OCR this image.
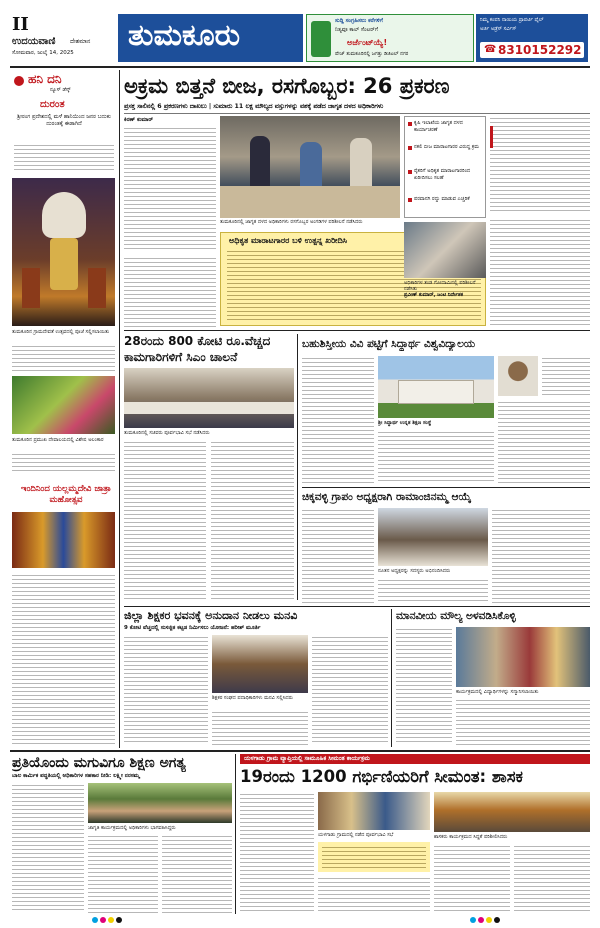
II
ಉದಯವಾಣಿ ದೇಶಮಾನ
ಸೋಮವಾರ, ಜುಲೈ 14, 2025 ತುಮಕೂರು	ಸುದ್ದಿ ಸಂಗ್ರಹಿಸಲು ಕರೆಗಳಿಗೆ
ನಿತ್ಯವೂ ಕಾಲ್ ಸೆಂಟರ್‌ಗೆ
ಅರ್ಜೆಂಟ್‌ಯ್ಯೆ!
ಪೇಜ್ ತುಮಕೂರಿನಲ್ಲಿ ಜಗತ್ತು ಡಿಜಿಟಲ್ ನಗರ
ನಿಮ್ಮ ಕಂಪನಿ ನಾಯಿಯ ಪ್ರಾಪರ್ಟಿ ಫೈಲ್
ಅರ್ಜಿ ಅಡ್ರೆಸ್ ಸರ್ವಿಸ್
☎ 8310152292
ಹನಿ ದನಿ
ನ್ಯೂಸ್ ಡೆಸ್ಕ್
ದುರಂತ
ಶ್ರೀರಂಗ ಪ್ರದೇಶದಲ್ಲಿ ಮಳೆ ಹಾನಿಯಿಂದ ಜನರ ಬದುಕು ದುರಂತಕ್ಕೆ ಈಡಾಗಿದೆ
ತುಮಕೂರಿನ ಗ್ರಾಮದೇವತೆ ಉತ್ಸವದಲ್ಲಿ ಪೂಜೆ ಸಲ್ಲಿಸಲಾಯಿತು
ತುಮಕೂರಿನ ಪ್ರಮುಖ ದೇವಾಲಯದಲ್ಲಿ ವಿಶೇಷ ಅಲಂಕಾರ
ಇಂದಿನಿಂದ ಯಲ್ಲಮ್ಮದೇವಿ ಜಾತ್ರಾ ಮಹೋತ್ಸವ
ಅಕ್ರಮ ಬಿತ್ತನೆ ಬೀಜ, ರಸಗೊಬ್ಬರ: 26 ಪ್ರಕರಣ
ಪ್ರಸಕ್ತ ಸಾಲಿನಲ್ಲಿ 6 ಪ್ರಕರಣಗಳು ದಾಖಲು | ಸುಮಾರು 11 ಲಕ್ಷ ಮೌಲ್ಯದ ವಸ್ತುಗಳನ್ನು ವಶಕ್ಕೆ ಪಡೆದ ಜಾಗೃತ ದಳದ ಅಧಿಕಾರಿಗಳು
ಕಿರಣ್ ಕುಮಾರ್
ತುಮಕೂರಿನಲ್ಲಿ ಜಾಗೃತ ದಳದ ಅಧಿಕಾರಿಗಳು ರಸಗೊಬ್ಬರ ಅಂಗಡಿಗಳ ಪರಿಶೀಲನೆ ನಡೆಸಿದರು
ಕೃಷಿ ಇಲಾಖೆಯ ಜಾಗೃತ ದಳದ ಕಾರ್ಯಾಚರಣೆ
ನಕಲಿ ಬೀಜ ಮಾರಾಟಗಾರರ ವಿರುದ್ಧ ಕ್ರಮ
ರೈತರಿಗೆ ಅಧಿಕೃತ ಮಾರಾಟಗಾರರಿಂದ ಖರೀದಿಸಲು ಸಲಹೆ
ಪರವಾನಗಿ ರದ್ದು ಮಾಡುವ ಎಚ್ಚರಿಕೆ
ಅಧಿಕೃತ ಮಾರಾಟಗಾರರ ಬಳಿ ಉತ್ಪನ್ನ ಖರೀದಿಸಿ
ಅಧಿಕಾರಿಗಳ ತಂಡ ಗೋದಾಮಿನಲ್ಲಿ ಪರಿಶೀಲನೆ ನಡೆಸಿತು
ಪ್ರವೀಣ್ ಕುಮಾರ್, ಜಂಟಿ ನಿರ್ದೇಶಕ
28ರಂದು 800 ಕೋಟಿ ರೂ.ವೆಚ್ಚದ
ಕಾಮಗಾರಿಗಳಿಗೆ ಸಿಎಂ ಚಾಲನೆ
ತುಮಕೂರಿನಲ್ಲಿ ಸಚಿವರು ಪೂರ್ವಭಾವಿ ಸಭೆ ನಡೆಸಿದರು
ಬಹುಶಿಸ್ತೀಯ ವಿವಿ ಪಟ್ಟಿಗೆ ಸಿದ್ಧಾರ್ಥ ವಿಶ್ವವಿದ್ಯಾಲಯ
ಶ್ರೀ ಸಿದ್ಧಾರ್ಥ ಉನ್ನತ ಶಿಕ್ಷಣ ಸಂಸ್ಥೆ
ಚಿಕ್ಕವಳ್ಳಿ ಗ್ರಾಪಂ ಅಧ್ಯಕ್ಷರಾಗಿ ರಾಮಾಂಜಿನಮ್ಮ ಆಯ್ಕೆ
ನೂತನ ಅಧ್ಯಕ್ಷರನ್ನು ಸದಸ್ಯರು ಅಭಿನಂದಿಸಿದರು
ಜಿಲ್ಲಾ ಶಿಕ್ಷಕರ ಭವನಕ್ಕೆ ಅನುದಾನ ನೀಡಲು ಮನವಿ
9 ಕೋಟಿ ವೆಚ್ಚದಲ್ಲಿ ಸುಸಜ್ಜಿತ ಕಟ್ಟಡ ನಿರ್ಮಿಸಲು ಯೋಜನೆ: ಹರೀಶ್ ಮೂರ್ತಿ
ಶಿಕ್ಷಕರ ಸಂಘದ ಪದಾಧಿಕಾರಿಗಳು ಮನವಿ ಸಲ್ಲಿಸಿದರು
ಮಾನವೀಯ ಮೌಲ್ಯ ಅಳವಡಿಸಿಕೊಳ್ಳಿ
ಕಾರ್ಯಕ್ರಮದಲ್ಲಿ ವಿದ್ಯಾರ್ಥಿಗಳನ್ನು ಸನ್ಮಾನಿಸಲಾಯಿತು
ಪ್ರತಿಯೊಂದು ಮಗುವಿಗೂ ಶಿಕ್ಷಣ ಅಗತ್ಯ
ಬಾಲ ಕಾರ್ಮಿಕ ಪದ್ಧತಿಯಲ್ಲಿ ಅಧಿಕಾರಿಗಳ ಸಹಕಾರ ನೀಡಿ: ಲಕ್ಷ್ಮೀ ನರಸಮ್ಮ
ಜಾಗೃತಿ ಕಾರ್ಯಕ್ರಮದಲ್ಲಿ ಅಧಿಕಾರಿಗಳು ಭಾಗವಹಿಸಿದ್ದರು
ಯಳಗಾಡು ಗ್ರಾಮ ವ್ಯಾಪ್ತಿಯಲ್ಲಿ ಸಾಮೂಹಿಕ ಸೀಮಂತ ಕಾರ್ಯಕ್ರಮ
19ರಂದು 1200 ಗರ್ಭಿಣಿಯರಿಗೆ ಸೀಮಂತ: ಶಾಸಕ
ಯಳಗಾಡು ಗ್ರಾಮದಲ್ಲಿ ನಡೆದ ಪೂರ್ವಭಾವಿ ಸಭೆ	ಶಾಸಕರು ಕಾರ್ಯಕ್ರಮದ ಸಿದ್ಧತೆ ಪರಿಶೀಲಿಸಿದರು
